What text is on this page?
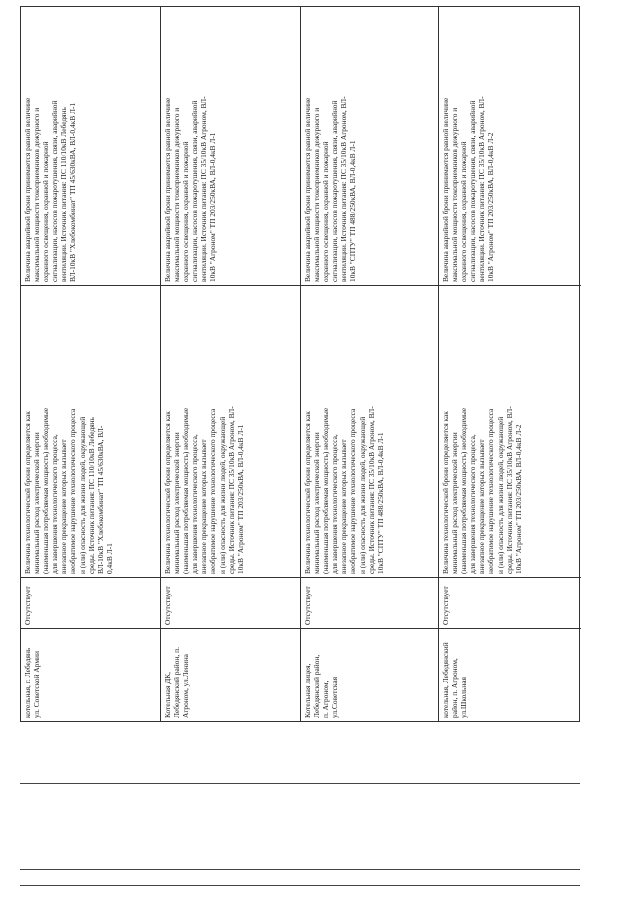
котельная, г. Лебедянь
ул. Советской Армии
Отсутствует
Величина технологической брони определяется как
минимальный расход электрической энергии
(наименьшая потребляемая мощность) необходимые
для завершения технологического процесса,
внезапное прекращение которых вызывает
необратимое нарушение технологического процесса
и (или) опасность для жизни людей, окружающей
среды. Источник питания: ПС 110/10кВ Лебедянь
ВЛ-10кВ "Хлебокомбинат" ТП 45/630кВА, ВЛ-
0,4кВ Л-1
Величина аварийной брони принимается равной величине
максимальной мощности токоприемников дежурного и
охранного освещения, охранной и пожарной
сигнализации, насосов пожаротушения, связи, аварийной
вентиляции. Источник питания: ПС 110/10кВ Лебедянь
ВЛ-10кВ "Хлебокомбинат" ТП 45/630кВА, ВЛ-0,4кВ Л-1
Котельная ДК,
Лебедянский район, п.
Агроном, ул.Ленина
Отсутствует
Величина технологической брони определяется как
минимальный расход электрической энергии
(наименьшая потребляемая мощность) необходимые
для завершения технологического процесса,
внезапное прекращение которых вызывает
необратимое нарушение технологического процесса
и (или) опасность для жизни людей, окружающей
среды. Источник питания: ПС 35/10кВ Агроном, ВЛ-
10кВ "Агроном" ТП 203/250кВА, ВЛ-0,4кВ Л-1
Величина аварийной брони принимается равной величине
максимальной мощности токоприемников дежурного и
охранного освещения, охранной и пожарной
сигнализации, насосов пожаротушения, связи, аварийной
вентиляции. Источник питания: ПС 35/10кВ Агроном, ВЛ-
10кВ "Агроном" ТП 203/250кВА, ВЛ-0,4кВ Л-1
Котельная лицея,
Лебедянский район,
п. Агроном,
ул.Советская
Отсутствует
Величина технологической брони определяется как
минимальный расход электрической энергии
(наименьшая потребляемая мощность) необходимые
для завершения технологического процесса,
внезапное прекращение которых вызывает
необратимое нарушение технологического процесса
и (или) опасность для жизни людей, окружающей
среды. Источник питания: ПС 35/10кВ Агроном, ВЛ-
10кВ "СПТУ" ТП 488/250кВА, ВЛ-0,4кВ Л-1
Величина аварийной брони принимается равной величине
максимальной мощности токоприемников дежурного и
охранного освещения, охранной и пожарной
сигнализации, насосов пожаротушения, связи, аварийной
вентиляции. Источник питания: ПС 35/10кВ Агроном, ВЛ-
10кВ "СПТУ" ТП 488/250кВА, ВЛ-0,4кВ Л-1
котельная, Лебедянский
район, п. Агроном,
ул.Школьная
Отсутствует
Величина технологической брони определяется как
минимальный расход электрической энергии
(наименьшая потребляемая мощность) необходимые
для завершения технологического процесса,
внезапное прекращение которых вызывает
необратимое нарушение технологического процесса
и (или) опасность для жизни людей, окружающей
среды. Источник питания: ПС 35/10кВ Агроном, ВЛ-
10кВ "Агроном" ТП 203/250кВА, ВЛ-0,4кВ Л-2
Величина аварийной брони принимается равной величине
максимальной мощности токоприемников дежурного и
охранного освещения, охранной и пожарной
сигнализации, насосов пожаротушения, связи, аварийной
вентиляции. Источник питания: ПС 35/10кВ Агроном, ВЛ-
10кВ "Агроном" ТП 203/250кВА, ВЛ-0,4кВ Л-2
